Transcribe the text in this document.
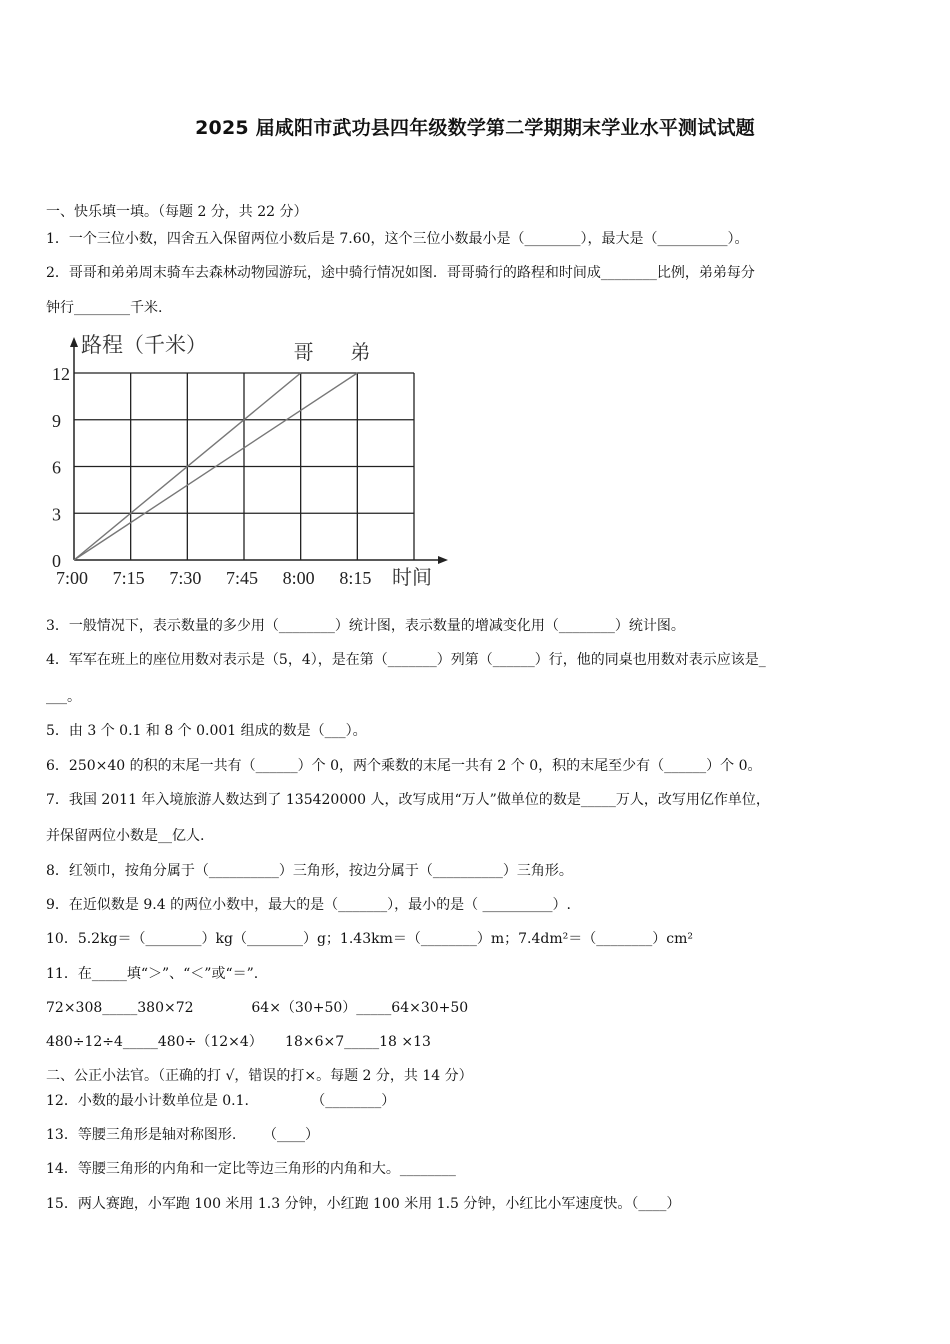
2025 届咸阳市武功县四年级数学第二学期期末学业水平测试试题
一、快乐填一填。（每题 2 分，共 22 分）
1．一个三位小数，四舍五入保留两位小数后是 7.60，这个三位小数最小是（________），最大是（__________）。
2．哥哥和弟弟周末骑车去森林动物园游玩，途中骑行情况如图．哥哥骑行的路程和时间成________比例，弟弟每分
钟行________千米.
哥 弟
0
3
6
9
12
7:00 7:15 7:30 7:45 8:00 8:15
路程（千米）
时间
3．一般情况下，表示数量的多少用（________）统计图，表示数量的增减变化用（________）统计图。
4．军军在班上的座位用数对表示是（5，4），是在第（_______）列第（______）行，他的同桌也用数对表示应该是_
___。
5．由 3 个 0.1 和 8 个 0.001 组成的数是（___）。
6．250×40 的积的末尾一共有（______）个 0，两个乘数的末尾一共有 2 个 0，积的末尾至少有（______）个 0。
7．我国 2011 年入境旅游人数达到了 135420000 人，改写成用“万人”做单位的数是_____万人，改写用亿作单位，
并保留两位小数是__亿人.
8．红领巾，按角分属于（__________）三角形，按边分属于（__________）三角形。
9．在近似数是 9.4 的两位小数中，最大的是（_______），最小的是（ __________）.
10．5.2kg＝（________）kg（________）g；1.43km＝（________）m；7.4dm²＝（________）cm²
11．在_____填“＞”、“＜”或“＝”.
72×308_____380×72             64×（30+50）_____64×30+50
480÷12÷4_____480÷（12×4）     18×6×7_____18 ×13
二、公正小法官。（正确的打 √，错误的打×。每题 2 分，共 14 分）
12．小数的最小计数单位是 0.1.              （________）
13．等腰三角形是轴对称图形.      （____）
14．等腰三角形的内角和一定比等边三角形的内角和大。________
15．两人赛跑，小军跑 100 米用 1.3 分钟，小红跑 100 米用 1.5 分钟，小红比小军速度快。（____）
